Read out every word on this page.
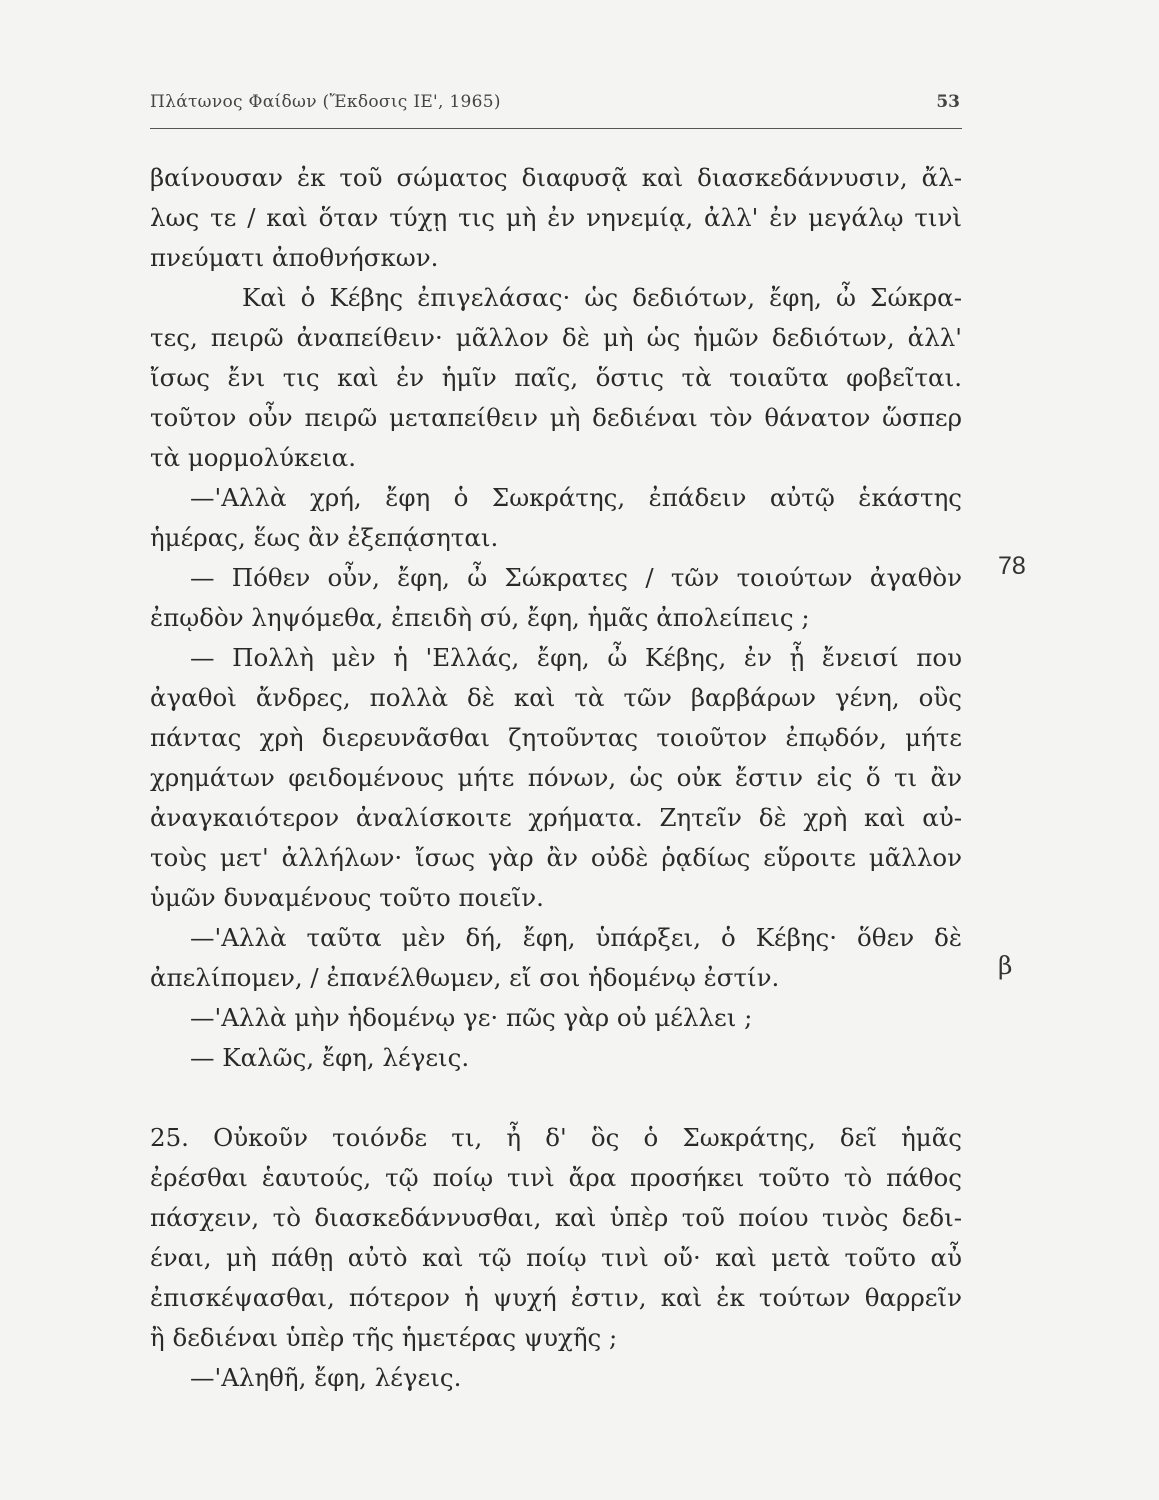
Πλάτωνος Φαίδων (Ἔκδοσις ΙΕ', 1965)	53
βαίνουσαν ἐκ τοῦ σώματος διαφυσᾷ καὶ διασκεδάννυσιν, ἄλ-
λως τε / καὶ ὅταν τύχῃ τις μὴ ἐν νηνεμίᾳ, ἀλλ' ἐν μεγάλῳ τινὶ
πνεύματι ἀποθνήσκων.
Καὶ ὁ Κέβης ἐπιγελάσας· ὡς δεδιότων, ἔφη, ὦ Σώκρα-
τες, πειρῶ ἀναπείθειν· μᾶλλον δὲ μὴ ὡς ἡμῶν δεδιότων, ἀλλ'
ἴσως ἔνι τις καὶ ἐν ἡμῖν παῖς, ὅστις τὰ τοιαῦτα φοβεῖται.
τοῦτον οὖν πειρῶ μεταπείθειν μὴ δεδιέναι τὸν θάνατον ὥσπερ
τὰ μορμολύκεια.
—'Αλλὰ χρή, ἔφη ὁ Σωκράτης, ἐπάδειν αὐτῷ ἑκάστης
ἡμέρας, ἕως ἂν ἐξεπᾴσηται.
— Πόθεν οὖν, ἔφη, ὦ Σώκρατες / τῶν τοιούτων ἀγαθὸν
ἐπῳδὸν ληψόμεθα, ἐπειδὴ σύ, ἔφη, ἡμᾶς ἀπολείπεις ;
— Πολλὴ μὲν ἡ 'Ελλάς, ἔφη, ὦ Κέβης, ἐν ᾗ ἔνεισί που
ἀγαθοὶ ἄνδρες, πολλὰ δὲ καὶ τὰ τῶν βαρβάρων γένη, οὓς
πάντας χρὴ διερευνᾶσθαι ζητοῦντας τοιοῦτον ἐπῳδόν, μήτε
χρημάτων φειδομένους μήτε πόνων, ὡς οὐκ ἔστιν εἰς ὅ τι ἂν
ἀναγκαιότερον ἀναλίσκοιτε χρήματα. Ζητεῖν δὲ χρὴ καὶ αὐ-
τοὺς μετ' ἀλλήλων· ἴσως γὰρ ἂν οὐδὲ ῥᾳδίως εὕροιτε μᾶλλον
ὑμῶν δυναμένους τοῦτο ποιεῖν.
—'Αλλὰ ταῦτα μὲν δή, ἔφη, ὑπάρξει, ὁ Κέβης· ὅθεν δὲ
ἀπελίπομεν, / ἐπανέλθωμεν, εἴ σοι ἡδομένῳ ἐστίν.
—'Αλλὰ μὴν ἡδομένῳ γε· πῶς γὰρ οὐ μέλλει ;
— Καλῶς, ἔφη, λέγεις.
25. Οὐκοῦν τοιόνδε τι, ἦ δ' ὃς ὁ Σωκράτης, δεῖ ἡμᾶς
ἐρέσθαι ἑαυτούς, τῷ ποίῳ τινὶ ἄρα προσήκει τοῦτο τὸ πάθος
πάσχειν, τὸ διασκεδάννυσθαι, καὶ ὑπὲρ τοῦ ποίου τινὸς δεδι-
έναι, μὴ πάθῃ αὐτὸ καὶ τῷ ποίῳ τινὶ οὔ· καὶ μετὰ τοῦτο αὖ
ἐπισκέψασθαι, πότερον ἡ ψυχή ἐστιν, καὶ ἐκ τούτων θαρρεῖν
ἢ δεδιέναι ὑπὲρ τῆς ἡμετέρας ψυχῆς ;
—'Αληθῆ, ἔφη, λέγεις.
78
β
